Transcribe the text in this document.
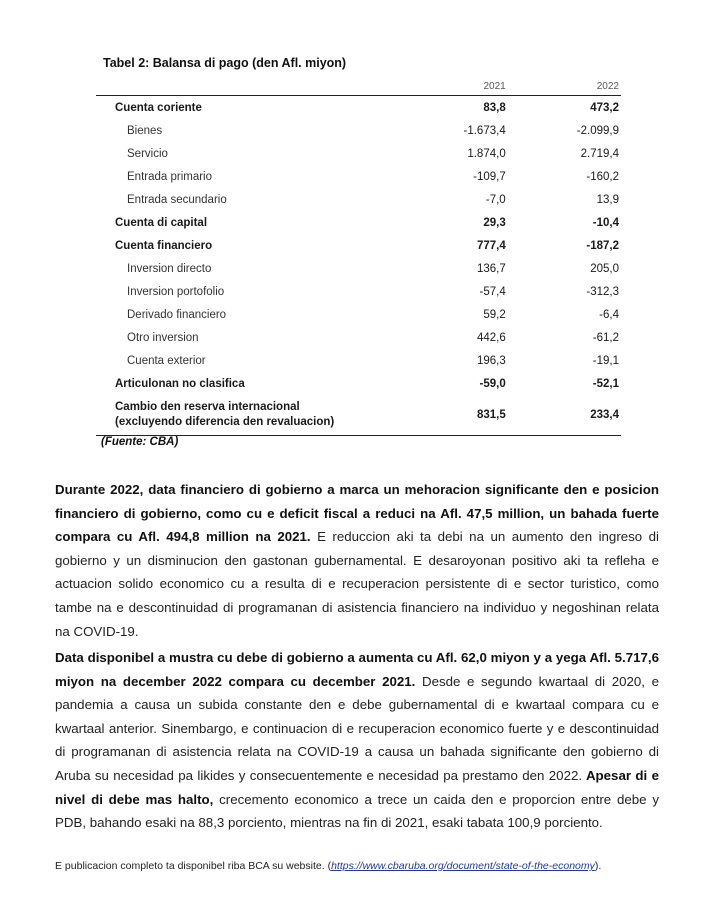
Tabel 2: Balansa di pago (den Afl. miyon)
	2021	2022
Cuenta coriente	83,8	473,2
Bienes	-1.673,4	-2.099,9
Servicio	1.874,0	2.719,4
Entrada primario	-109,7	-160,2
Entrada secundario	-7,0	13,9
Cuenta di capital	29,3	-10,4
Cuenta financiero	777,4	-187,2
Inversion directo	136,7	205,0
Inversion portofolio	-57,4	-312,3
Derivado financiero	59,2	-6,4
Otro inversion	442,6	-61,2
Cuenta exterior	196,3	-19,1
Articulonan no clasifica	-59,0	-52,1
Cambio den reserva internacional
(excluyendo diferencia den revaluacion)	831,5	233,4
(Fuente: CBA)

Durante 2022, data financiero di gobierno a marca un mehoracion significante den e posicion financiero di gobierno, como cu e deficit fiscal a reduci na Afl. 47,5 million, un bahada fuerte compara cu Afl. 494,8 million na 2021. E reduccion aki ta debi na un aumento den ingreso di gobierno y un disminucion den gastonan gubernamental. E desaroyonan positivo aki ta refleha e actuacion solido economico cu a resulta di e recuperacion persistente di e sector turistico, como tambe na e descontinuidad di programanan di asistencia financiero na individuo y negoshinan relata na COVID-19.

Data disponibel a mustra cu debe di gobierno a aumenta cu Afl. 62,0 miyon y a yega Afl. 5.717,6 miyon na december 2022 compara cu december 2021. Desde e segundo kwartaal di 2020, e pandemia a causa un subida constante den e debe gubernamental di e kwartaal compara cu e kwartaal anterior. Sinembargo, e continuacion di e recuperacion economico fuerte y e descontinuidad di programanan di asistencia relata na COVID-19 a causa un bahada significante den gobierno di Aruba su necesidad pa likides y consecuentemente e necesidad pa prestamo den 2022. Apesar di e nivel di debe mas halto, crecemento economico a trece un caida den e proporcion entre debe y PDB, bahando esaki na 88,3 porciento, mientras na fin di 2021, esaki tabata 100,9 porciento.

E publicacion completo ta disponibel riba BCA su website. (https://www.cbaruba.org/document/state-of-the-economy).
